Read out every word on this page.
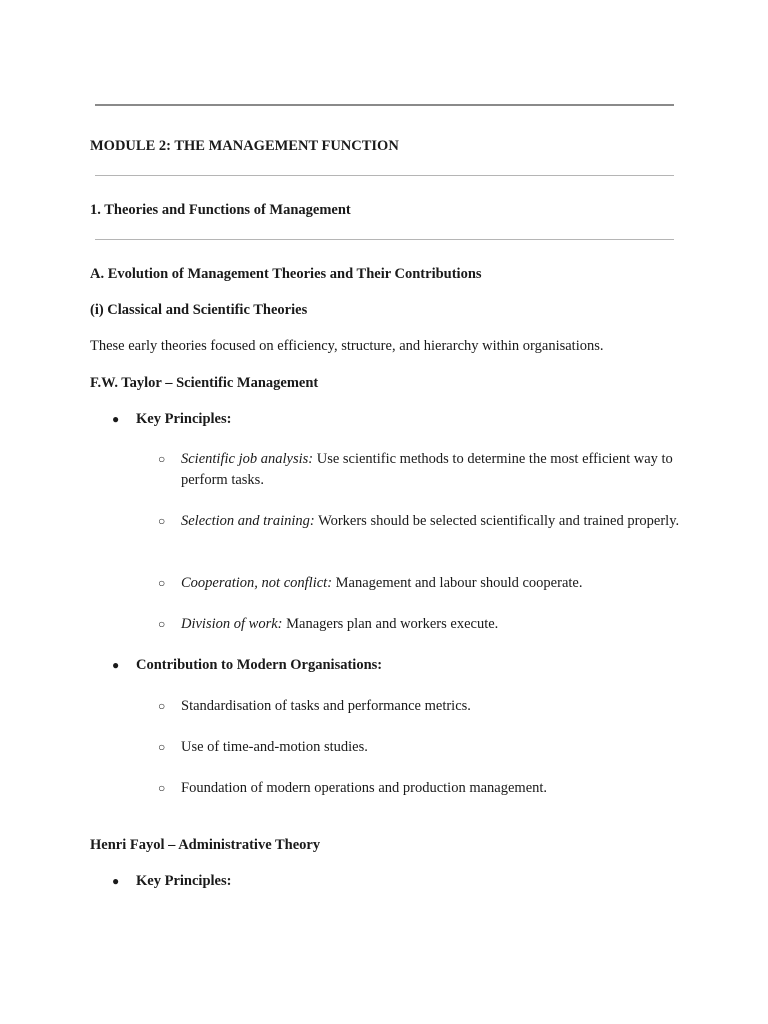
MODULE 2: THE MANAGEMENT FUNCTION
1. Theories and Functions of Management
A. Evolution of Management Theories and Their Contributions
(i) Classical and Scientific Theories
These early theories focused on efficiency, structure, and hierarchy within organisations.
F.W. Taylor – Scientific Management
● Key Principles:
○ Scientific job analysis: Use scientific methods to determine the most efficient way to perform tasks.
○ Selection and training: Workers should be selected scientifically and trained properly.
○ Cooperation, not conflict: Management and labour should cooperate.
○ Division of work: Managers plan and workers execute.
● Contribution to Modern Organisations:
○ Standardisation of tasks and performance metrics.
○ Use of time-and-motion studies.
○ Foundation of modern operations and production management.
Henri Fayol – Administrative Theory
● Key Principles:
